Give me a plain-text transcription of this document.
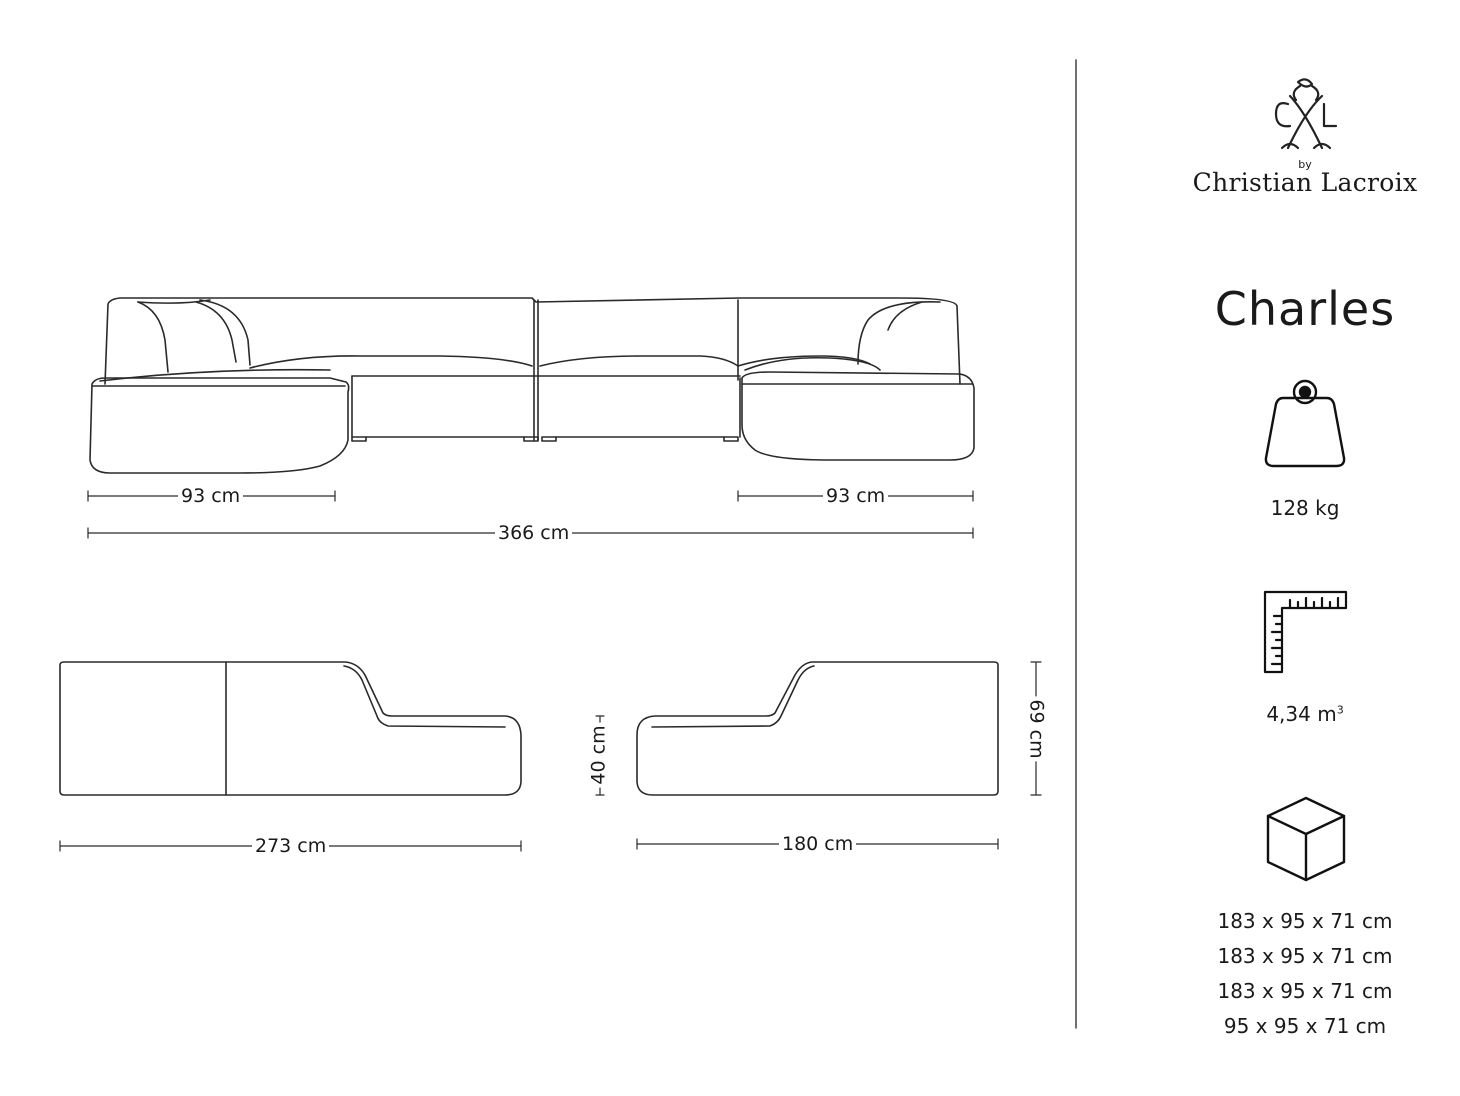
93 cm	93 cm
366 cm
273 cm	180 cm
40 cm	69 cm
by
Christian Lacroix
Charles
128 kg
4,34 $m^3$
183 x 95 x 71 cm
183 x 95 x 71 cm
183 x 95 x 71 cm
95 x 95 x 71 cm
